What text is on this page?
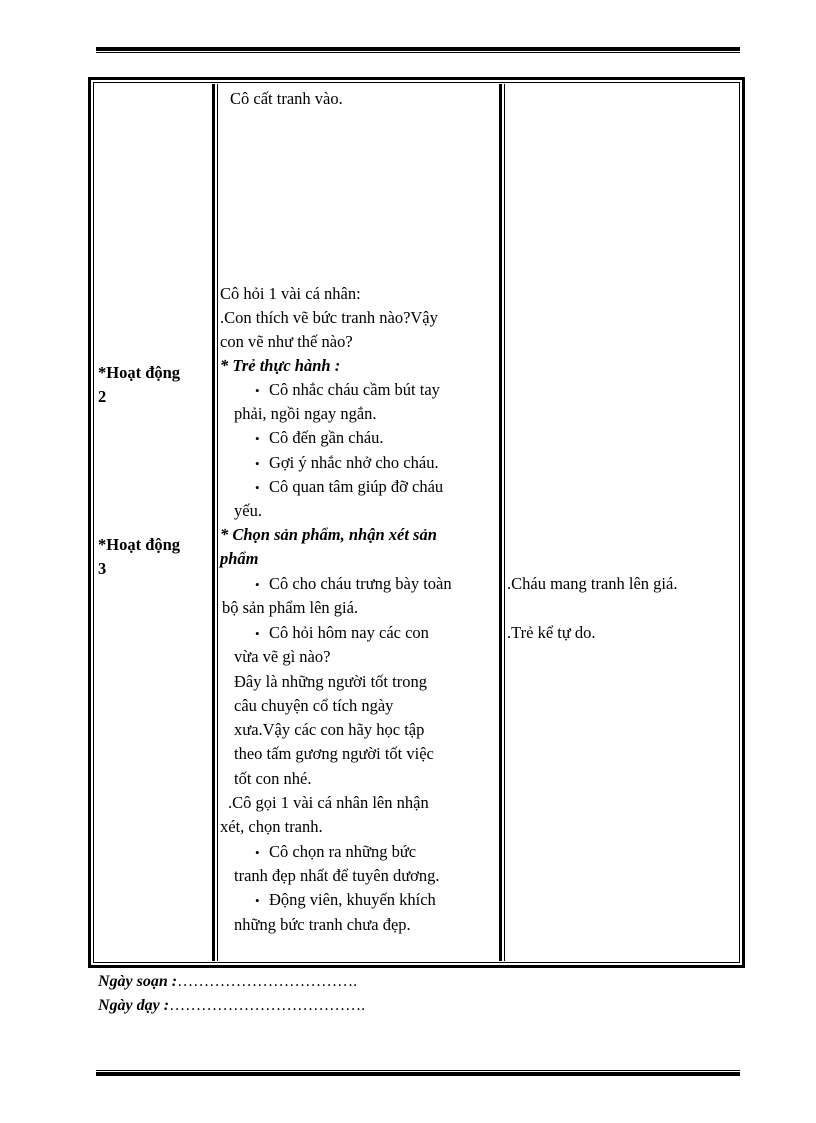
*Hoạt động
2
*Hoạt động
3
Cô cất tranh vào.
Cô hỏi 1 vài cá nhân:
.Con thích vẽ bức tranh nào?Vậy
con vẽ như thế nào?
* Trẻ thực hành :
• Cô nhắc cháu cầm bút tay
phải, ngồi ngay ngắn.
• Cô đến gần cháu.
• Gợi ý nhắc nhở cho cháu.
• Cô quan tâm giúp đỡ cháu
yếu.
* Chọn sản phẩm, nhận xét sản
phẩm
• Cô cho cháu trưng bày toàn
bộ sản phẩm lên giá.
• Cô hỏi hôm nay các con
vừa vẽ gì nào?
Đây là những người tốt trong
câu chuyện cổ tích ngày
xưa.Vậy các con hãy học tập
theo tấm gương người tốt việc
tốt con nhé.
.Cô gọi 1 vài cá nhân lên nhận
xét, chọn tranh.
• Cô chọn ra những bức
tranh đẹp nhất để tuyên dương.
• Động viên, khuyến khích
những bức tranh chưa đẹp.
.Cháu mang tranh lên giá.
.Trẻ kể tự do.
Ngày soạn :…………………………….
Ngày dạy :……………………………….
